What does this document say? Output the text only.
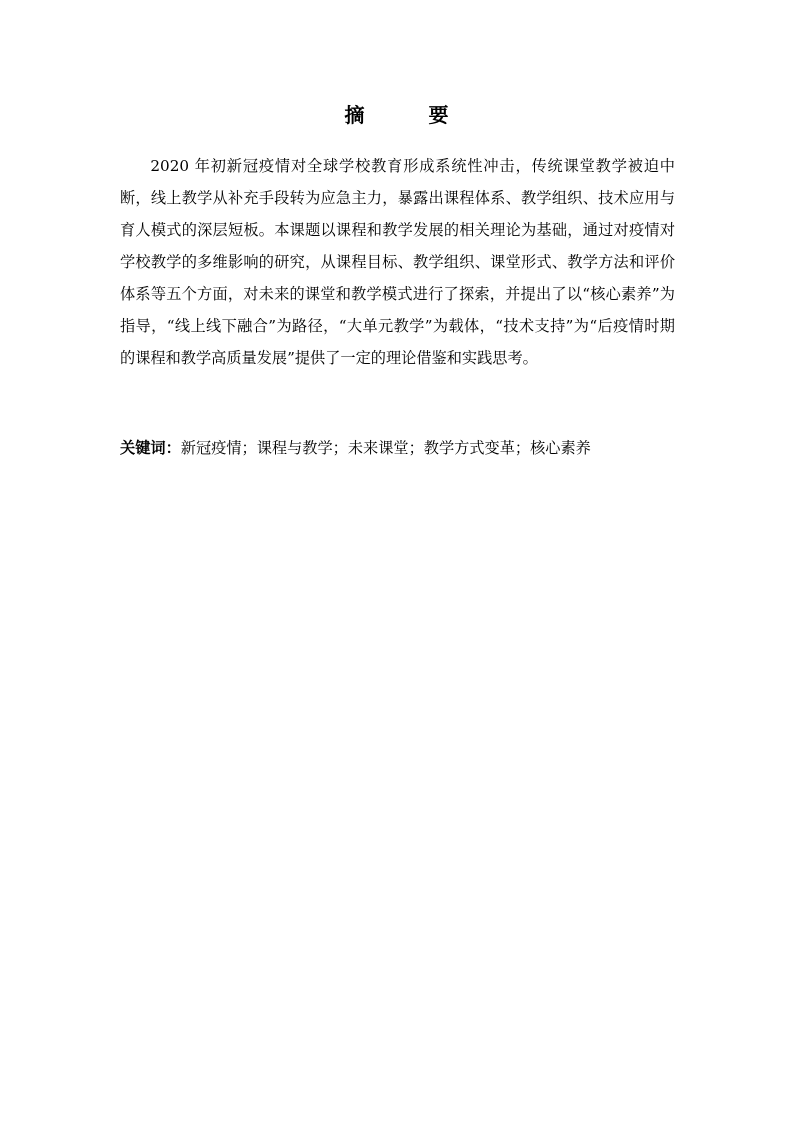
摘　要

2020 年初新冠疫情对全球学校教育形成系统性冲击，传统课堂教学被迫中断，线上教学从补充手段转为应急主力，暴露出课程体系、教学组织、技术应用与育人模式的深层短板。本课题以课程和教学发展的相关理论为基础，通过对疫情对学校教学的多维影响的研究，从课程目标、教学组织、课堂形式、教学方法和评价体系等五个方面，对未来的课堂和教学模式进行了探索，并提出了以“核心素养”为指导，“线上线下融合”为路径，“大单元教学”为载体，“技术支持”为“后疫情时期的课程和教学高质量发展”提供了一定的理论借鉴和实践思考。

关键词：新冠疫情；课程与教学；未来课堂；教学方式变革；核心素养
